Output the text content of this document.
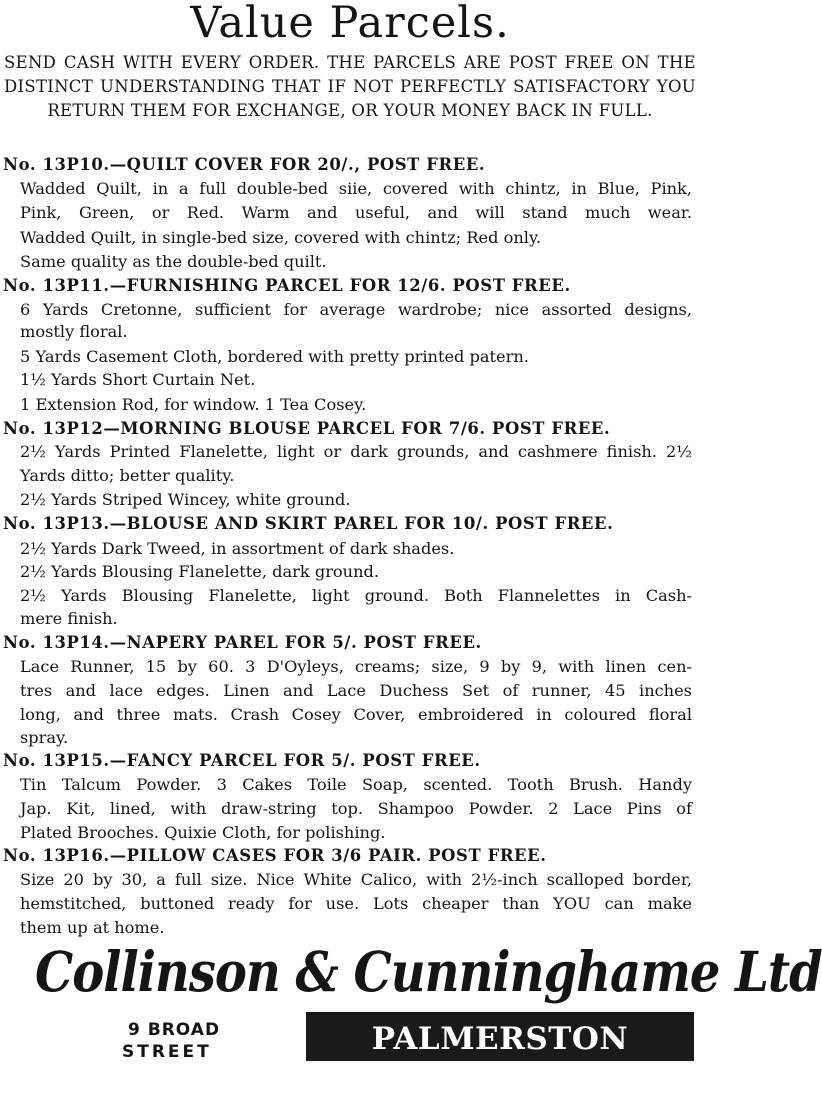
Value Parcels.
SEND CASH WITH EVERY ORDER. THE PARCELS ARE POST FREE ON THE DISTINCT UNDERSTANDING THAT IF NOT PERFECTLY SATISFACTORY YOU RETURN THEM FOR EXCHANGE, OR YOUR MONEY BACK IN FULL.
No. 13P10.—QUILT COVER FOR 20/., POST FREE.
Wadded Quilt, in a full double-bed siie, covered with chintz, in Blue, Pink,
Pink, Green, or Red. Warm and useful, and will stand much wear.
Wadded Quilt, in single-bed size, covered with chintz; Red only.
Same quality as the double-bed quilt.
No. 13P11.—FURNISHING PARCEL FOR 12/6. POST FREE.
6 Yards Cretonne, sufficient for average wardrobe; nice assorted designs,
mostly floral.
5 Yards Casement Cloth, bordered with pretty printed patern.
1½ Yards Short Curtain Net.
1 Extension Rod, for window. 1 Tea Cosey.
No. 13P12—MORNING BLOUSE PARCEL FOR 7/6. POST FREE.
2½ Yards Printed Flanelette, light or dark grounds, and cashmere finish. 2½
Yards ditto; better quality.
2½ Yards Striped Wincey, white ground.
No. 13P13.—BLOUSE AND SKIRT PAREL FOR 10/. POST FREE.
2½ Yards Dark Tweed, in assortment of dark shades.
2½ Yards Blousing Flanelette, dark ground.
2½ Yards Blousing Flanelette, light ground. Both Flannelettes in Cash-
mere finish.
No. 13P14.—NAPERY PAREL FOR 5/. POST FREE.
Lace Runner, 15 by 60. 3 D'Oyleys, creams; size, 9 by 9, with linen cen-
tres and lace edges. Linen and Lace Duchess Set of runner, 45 inches
long, and three mats. Crash Cosey Cover, embroidered in coloured floral
spray.
No. 13P15.—FANCY PARCEL FOR 5/. POST FREE.
Tin Talcum Powder. 3 Cakes Toile Soap, scented. Tooth Brush. Handy
Jap. Kit, lined, with draw-string top. Shampoo Powder. 2 Lace Pins of
Plated Brooches. Quixie Cloth, for polishing.
No. 13P16.—PILLOW CASES FOR 3/6 PAIR. POST FREE.
Size 20 by 30, a full size. Nice White Calico, with 2½-inch scalloped border,
hemstitched, buttoned ready for use. Lots cheaper than YOU can make
them up at home.
Collinson & Cunninghame Ltd
9 BROAD
STREET	PALMERSTON NORTH.
